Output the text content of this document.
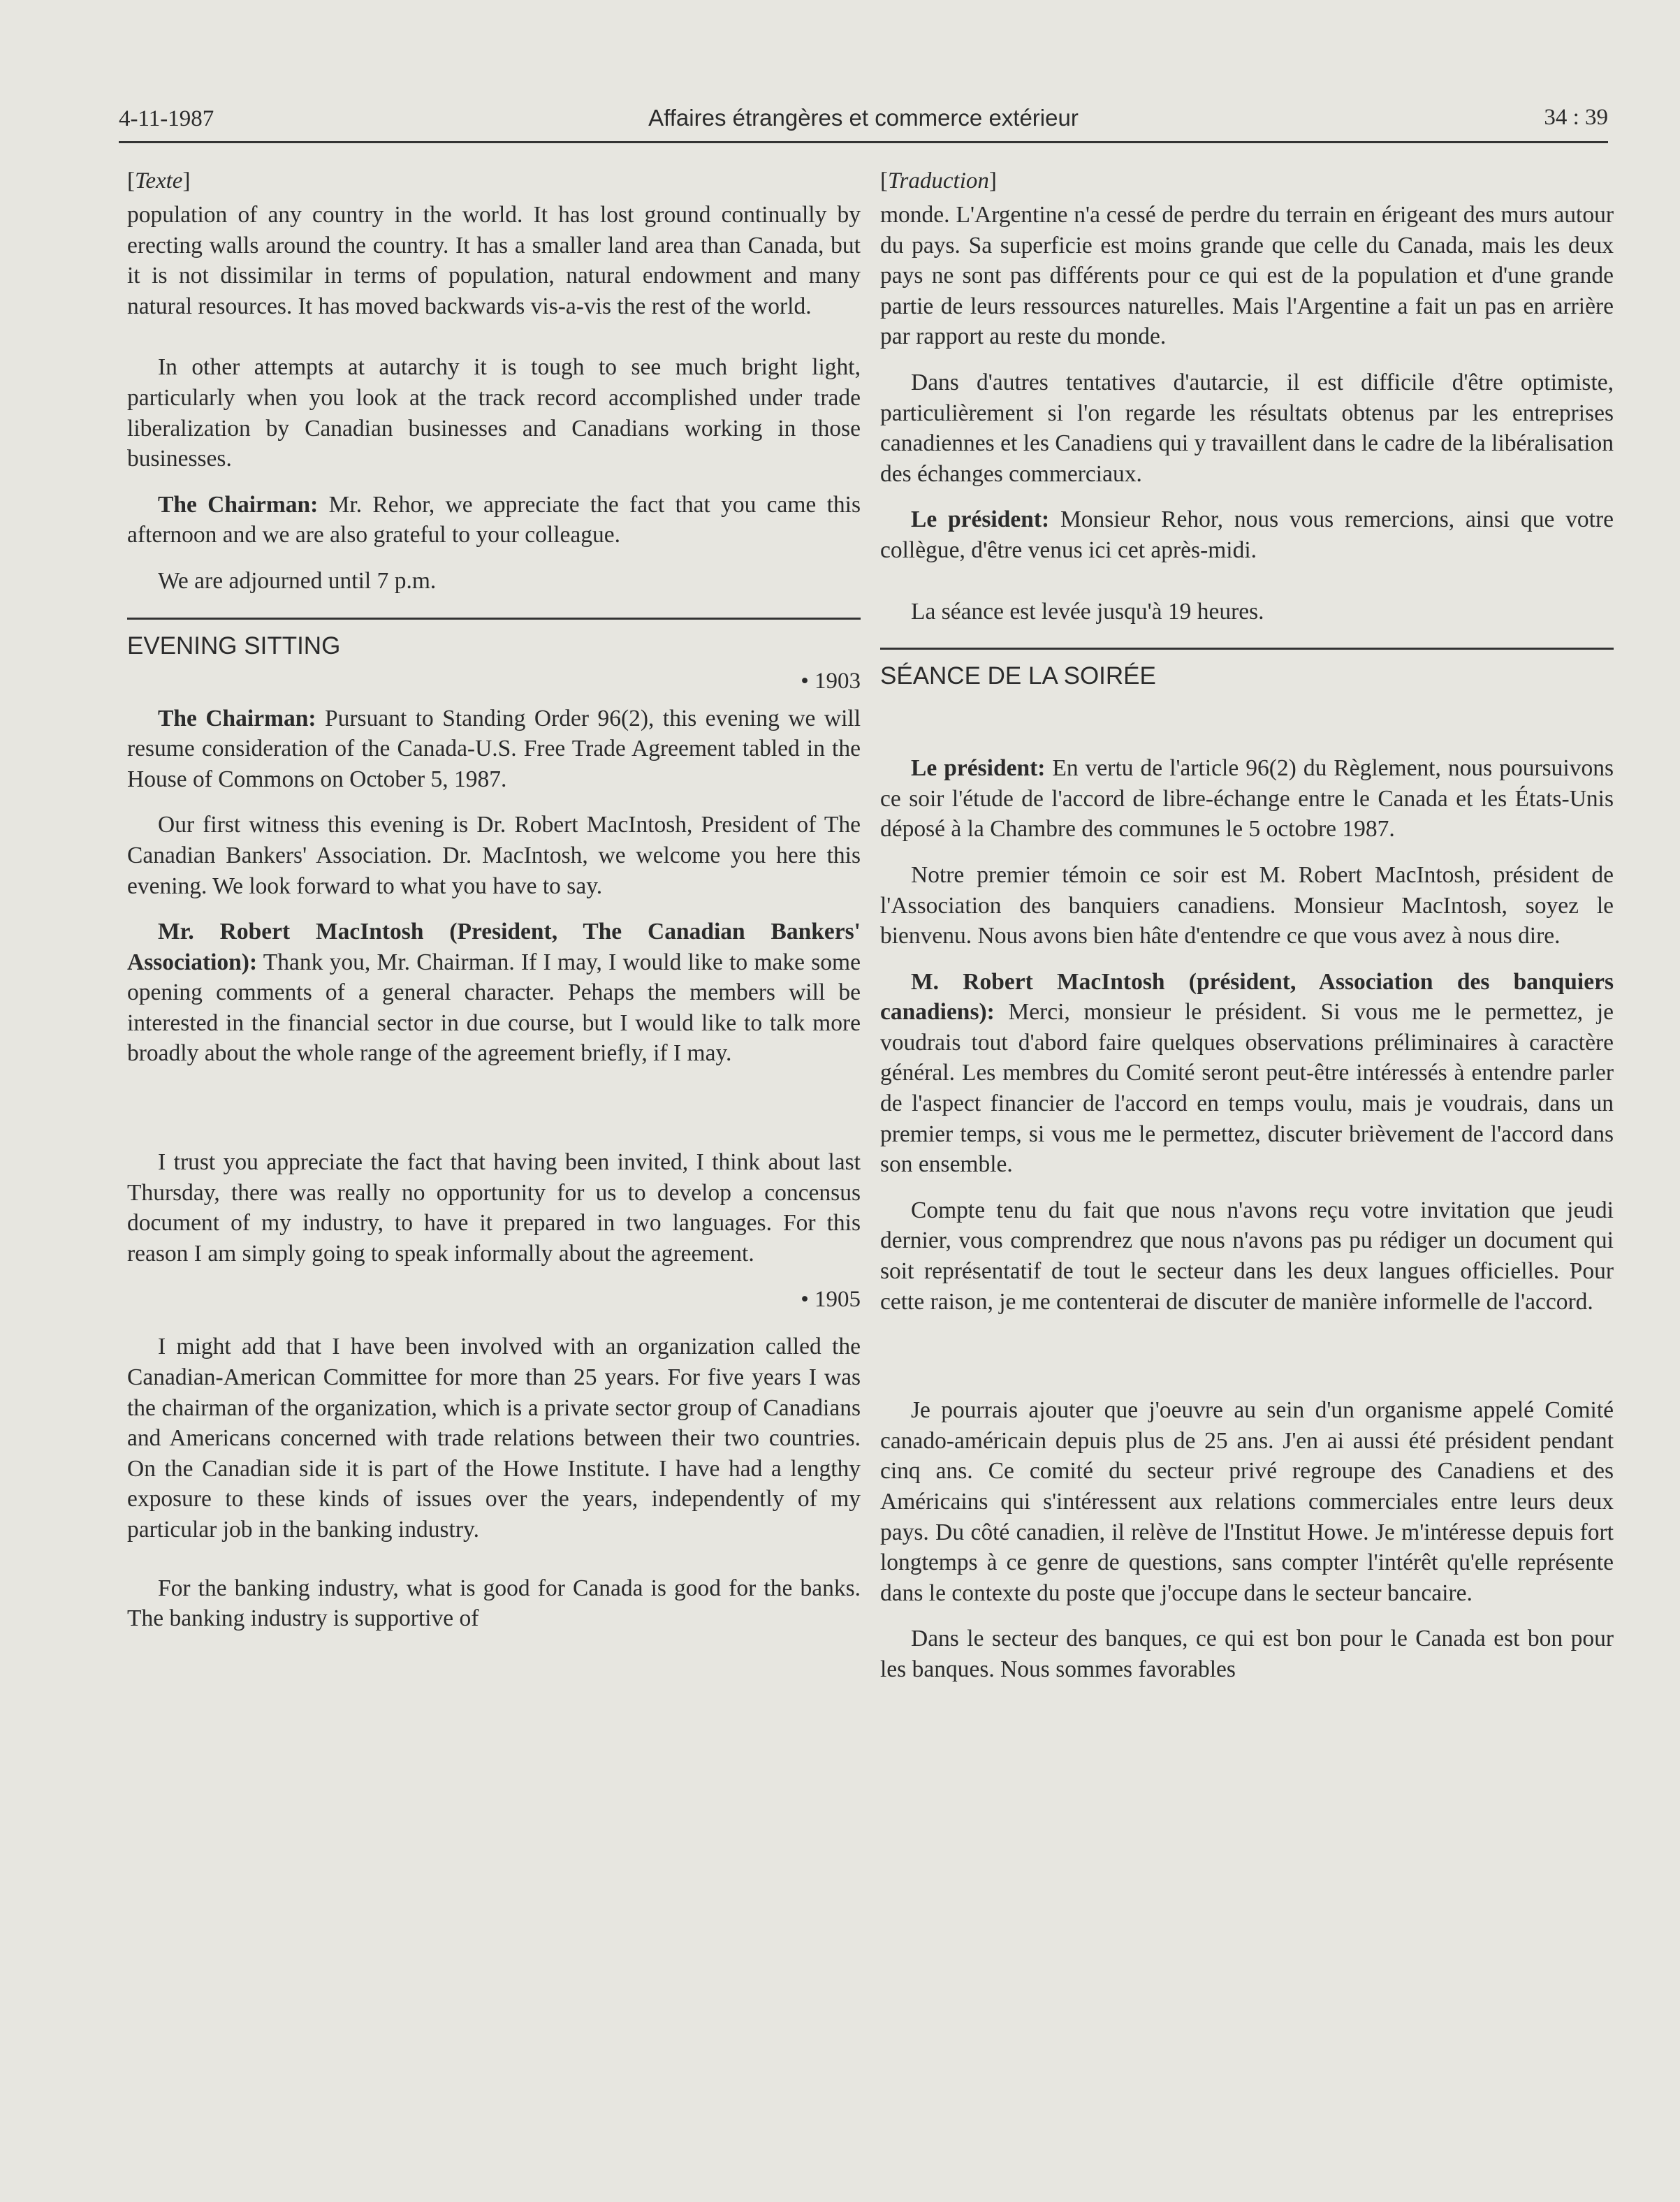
4-11-1987	Affaires étrangères et commerce extérieur	34 : 39
[Texte]

population of any country in the world. It has lost ground continually by erecting walls around the country. It has a smaller land area than Canada, but it is not dissimilar in terms of population, natural endowment and many natural resources. It has moved backwards vis-a-vis the rest of the world.

In other attempts at autarchy it is tough to see much bright light, particularly when you look at the track record accomplished under trade liberalization by Canadian businesses and Canadians working in those businesses.

The Chairman: Mr. Rehor, we appreciate the fact that you came this afternoon and we are also grateful to your colleague.

We are adjourned until 7 p.m.

EVENING SITTING
• 1903

The Chairman: Pursuant to Standing Order 96(2), this evening we will resume consideration of the Canada-U.S. Free Trade Agreement tabled in the House of Commons on October 5, 1987.

Our first witness this evening is Dr. Robert MacIntosh, President of The Canadian Bankers' Association. Dr. MacIntosh, we welcome you here this evening. We look forward to what you have to say.

Mr. Robert MacIntosh (President, The Canadian Bankers' Association): Thank you, Mr. Chairman. If I may, I would like to make some opening comments of a general character. Pehaps the members will be interested in the financial sector in due course, but I would like to talk more broadly about the whole range of the agreement briefly, if I may.

I trust you appreciate the fact that having been invited, I think about last Thursday, there was really no opportunity for us to develop a concensus document of my industry, to have it prepared in two languages. For this reason I am simply going to speak informally about the agreement.

• 1905

I might add that I have been involved with an organization called the Canadian-American Committee for more than 25 years. For five years I was the chairman of the organization, which is a private sector group of Canadians and Americans concerned with trade relations between their two countries. On the Canadian side it is part of the Howe Institute. I have had a lengthy exposure to these kinds of issues over the years, independently of my particular job in the banking industry.

For the banking industry, what is good for Canada is good for the banks. The banking industry is supportive of

[Traduction]

monde. L'Argentine n'a cessé de perdre du terrain en érigeant des murs autour du pays. Sa superficie est moins grande que celle du Canada, mais les deux pays ne sont pas différents pour ce qui est de la population et d'une grande partie de leurs ressources naturelles. Mais l'Argentine a fait un pas en arrière par rapport au reste du monde.

Dans d'autres tentatives d'autarcie, il est difficile d'être optimiste, particulièrement si l'on regarde les résultats obtenus par les entreprises canadiennes et les Canadiens qui y travaillent dans le cadre de la libéralisation des échanges commerciaux.

Le président: Monsieur Rehor, nous vous remercions, ainsi que votre collègue, d'être venus ici cet après-midi.

La séance est levée jusqu'à 19 heures.

SÉANCE DE LA SOIRÉE

Le président: En vertu de l'article 96(2) du Règlement, nous poursuivons ce soir l'étude de l'accord de libre-échange entre le Canada et les États-Unis déposé à la Chambre des communes le 5 octobre 1987.

Notre premier témoin ce soir est M. Robert MacIntosh, président de l'Association des banquiers canadiens. Monsieur MacIntosh, soyez le bienvenu. Nous avons bien hâte d'entendre ce que vous avez à nous dire.

M. Robert MacIntosh (président, Association des banquiers canadiens): Merci, monsieur le président. Si vous me le permettez, je voudrais tout d'abord faire quelques observations préliminaires à caractère général. Les membres du Comité seront peut-être intéressés à entendre parler de l'aspect financier de l'accord en temps voulu, mais je voudrais, dans un premier temps, si vous me le permettez, discuter brièvement de l'accord dans son ensemble.

Compte tenu du fait que nous n'avons reçu votre invitation que jeudi dernier, vous comprendrez que nous n'avons pas pu rédiger un document qui soit représentatif de tout le secteur dans les deux langues officielles. Pour cette raison, je me contenterai de discuter de manière informelle de l'accord.

Je pourrais ajouter que j'oeuvre au sein d'un organisme appelé Comité canado-américain depuis plus de 25 ans. J'en ai aussi été président pendant cinq ans. Ce comité du secteur privé regroupe des Canadiens et des Américains qui s'intéressent aux relations commerciales entre leurs deux pays. Du côté canadien, il relève de l'Institut Howe. Je m'intéresse depuis fort longtemps à ce genre de questions, sans compter l'intérêt qu'elle représente dans le contexte du poste que j'occupe dans le secteur bancaire.

Dans le secteur des banques, ce qui est bon pour le Canada est bon pour les banques. Nous sommes favorables
